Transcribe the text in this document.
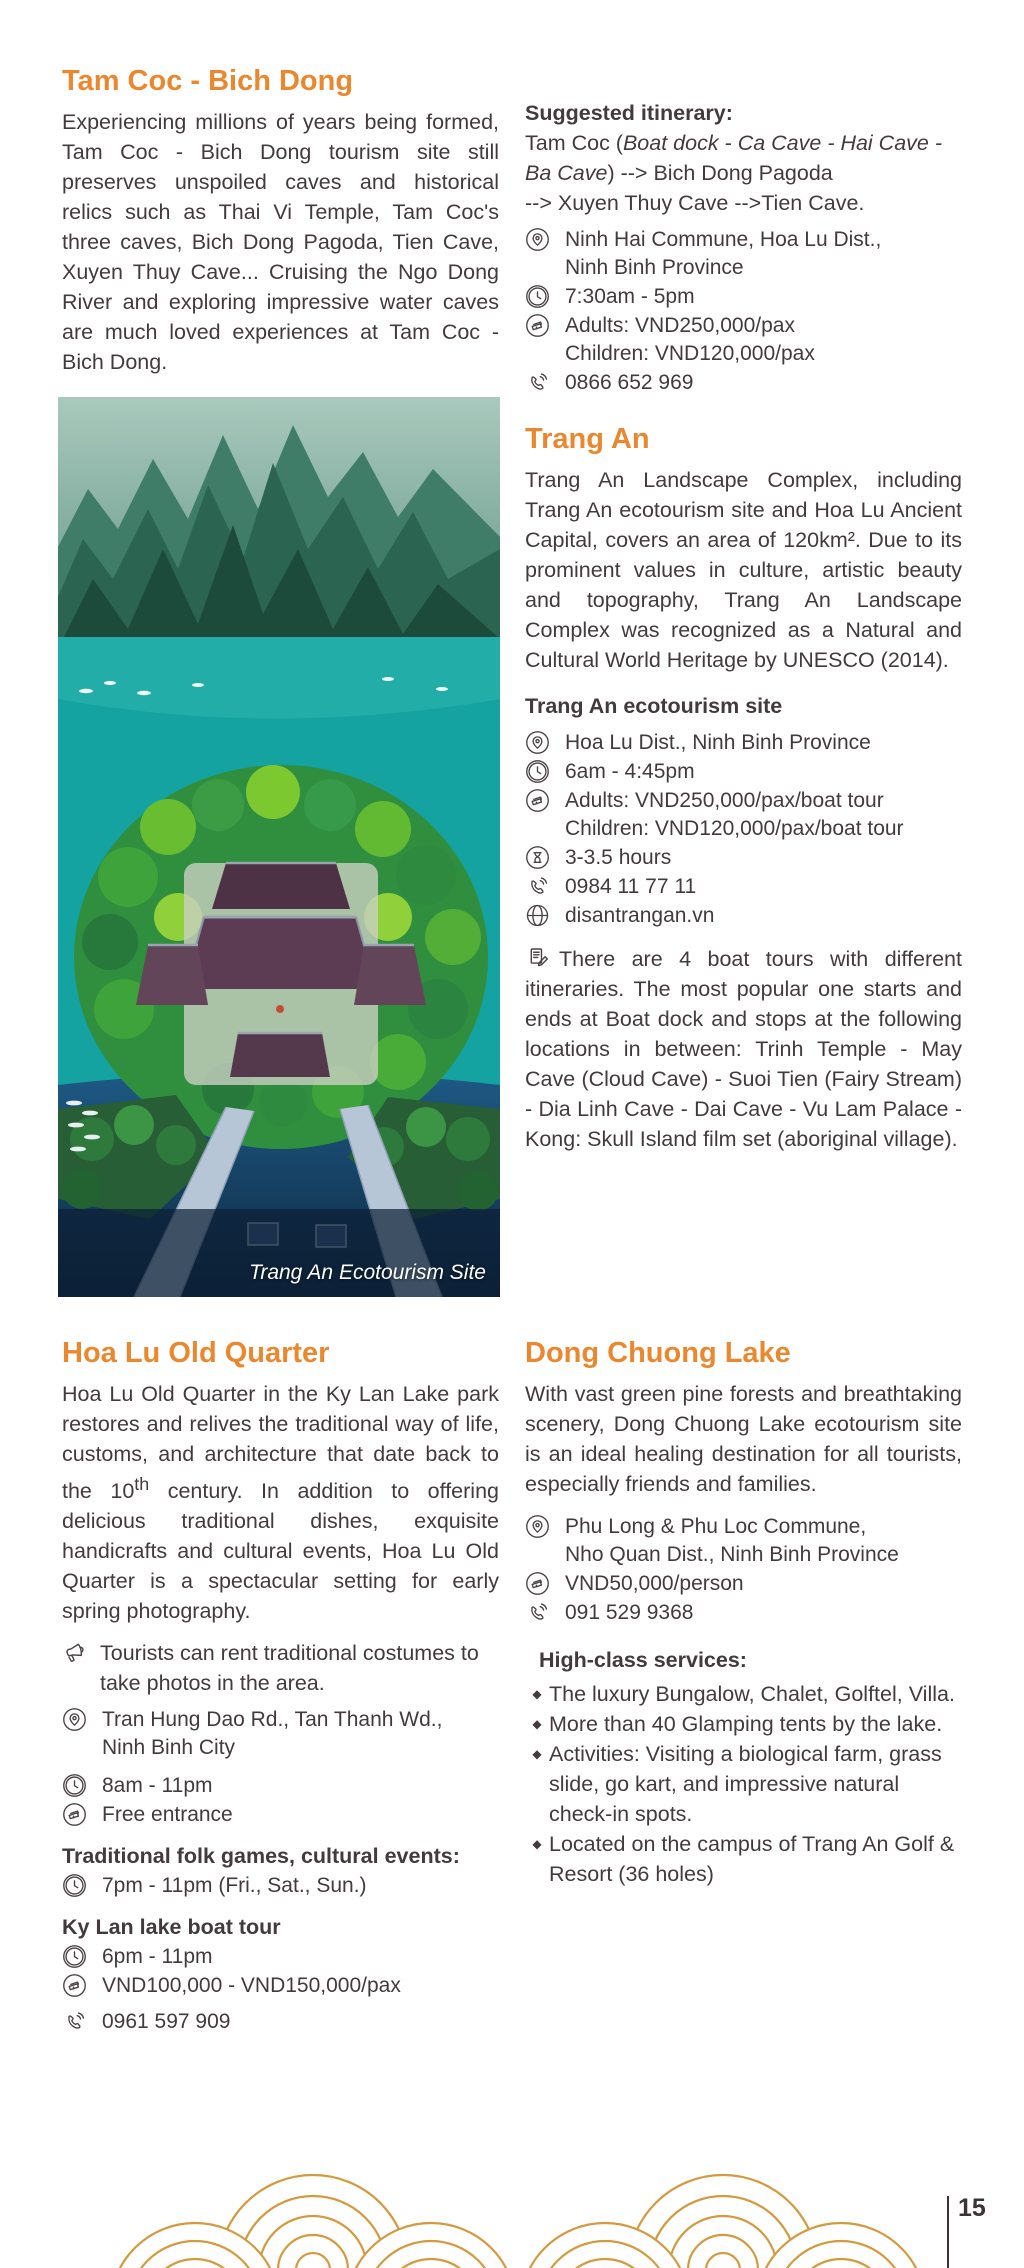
Tam Coc - Bich Dong

Experiencing millions of years being formed, Tam Coc - Bich Dong tourism site still preserves unspoiled caves and historical relics such as Thai Vi Temple, Tam Coc's three caves, Bich Dong Pagoda, Tien Cave, Xuyen Thuy Cave... Cruising the Ngo Dong River and exploring impressive water caves are much loved experiences at Tam Coc - Bich Dong.

Suggested itinerary:

Tam Coc (Boat dock - Ca Cave - Hai Cave - Ba Cave) --> Bich Dong Pagoda
--> Xuyen Thuy Cave -->Tien Cave.

Ninh Hai Commune, Hoa Lu Dist.,
Ninh Binh Province
7:30am - 5pm
Adults: VND250,000/pax
Children: VND120,000/pax
0866 652 969
Trang An Ecotourism Site
Trang An

Trang An Landscape Complex, including Trang An ecotourism site and Hoa Lu Ancient Capital, covers an area of 120km². Due to its prominent values in culture, artistic beauty and topography, Trang An Landscape Complex was recognized as a Natural and Cultural World Heritage by UNESCO (2014).

Trang An ecotourism site

Hoa Lu Dist., Ninh Binh Province
6am - 4:45pm
Adults: VND250,000/pax/boat tour
Children: VND120,000/pax/boat tour
3-3.5 hours
0984 11 77 11
disantrangan.vn

There are 4 boat tours with different itineraries. The most popular one starts and ends at Boat dock and stops at the following locations in between: Trinh Temple - May Cave (Cloud Cave) - Suoi Tien (Fairy Stream) - Dia Linh Cave - Dai Cave - Vu Lam Palace - Kong: Skull Island film set (aboriginal village).

Hoa Lu Old Quarter

Hoa Lu Old Quarter in the Ky Lan Lake park restores and relives the traditional way of life, customs, and architecture that date back to the 10th century. In addition to offering delicious traditional dishes, exquisite handicrafts and cultural events, Hoa Lu Old Quarter is a spectacular setting for early spring photography.

Tourists can rent traditional costumes to take photos in the area.
Tran Hung Dao Rd., Tan Thanh Wd.,
Ninh Binh City
8am - 11pm
Free entrance

Traditional folk games, cultural events:

7pm - 11pm (Fri., Sat., Sun.)

Ky Lan lake boat tour

6pm - 11pm
VND100,000 - VND150,000/pax
0961 597 909
Dong Chuong Lake

With vast green pine forests and breathtaking scenery, Dong Chuong Lake ecotourism site is an ideal healing destination for all tourists, especially friends and families.

Phu Long & Phu Loc Commune,
Nho Quan Dist., Ninh Binh Province
VND50,000/person
091 529 9368

High-class services:

◆ The luxury Bungalow, Chalet, Golftel, Villa.
◆ More than 40 Glamping tents by the lake.
◆ Activities: Visiting a biological farm, grass slide, go kart, and impressive natural check-in spots.
◆ Located on the campus of Trang An Golf & Resort (36 holes)
15
